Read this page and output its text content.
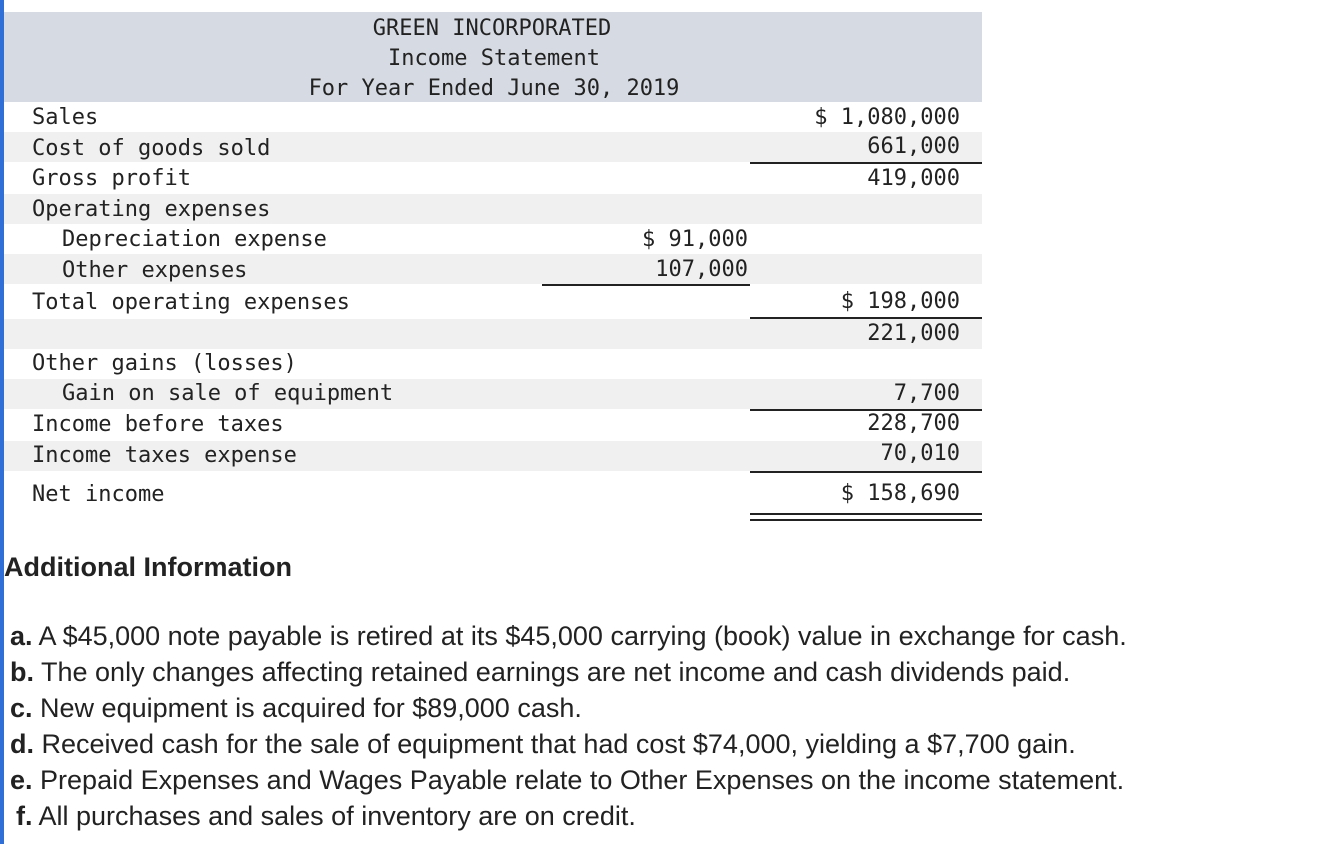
GREEN INCORPORATED
Income Statement
For Year Ended June 30, 2019
Sales	$ 1,080,000
Cost of goods sold	661,000
Gross profit	419,000
Operating expenses
Depreciation expense	$ 91,000
Other expenses	107,000
Total operating expenses	$ 198,000
221,000
Other gains (losses)
Gain on sale of equipment	7,700
Income before taxes	228,700
Income taxes expense	70,010
Net income	$ 158,690
Additional Information
a. A $45,000 note payable is retired at its $45,000 carrying (book) value in exchange for cash.
b. The only changes affecting retained earnings are net income and cash dividends paid.
c. New equipment is acquired for $89,000 cash.
d. Received cash for the sale of equipment that had cost $74,000, yielding a $7,700 gain.
e. Prepaid Expenses and Wages Payable relate to Other Expenses on the income statement.
f. All purchases and sales of inventory are on credit.
